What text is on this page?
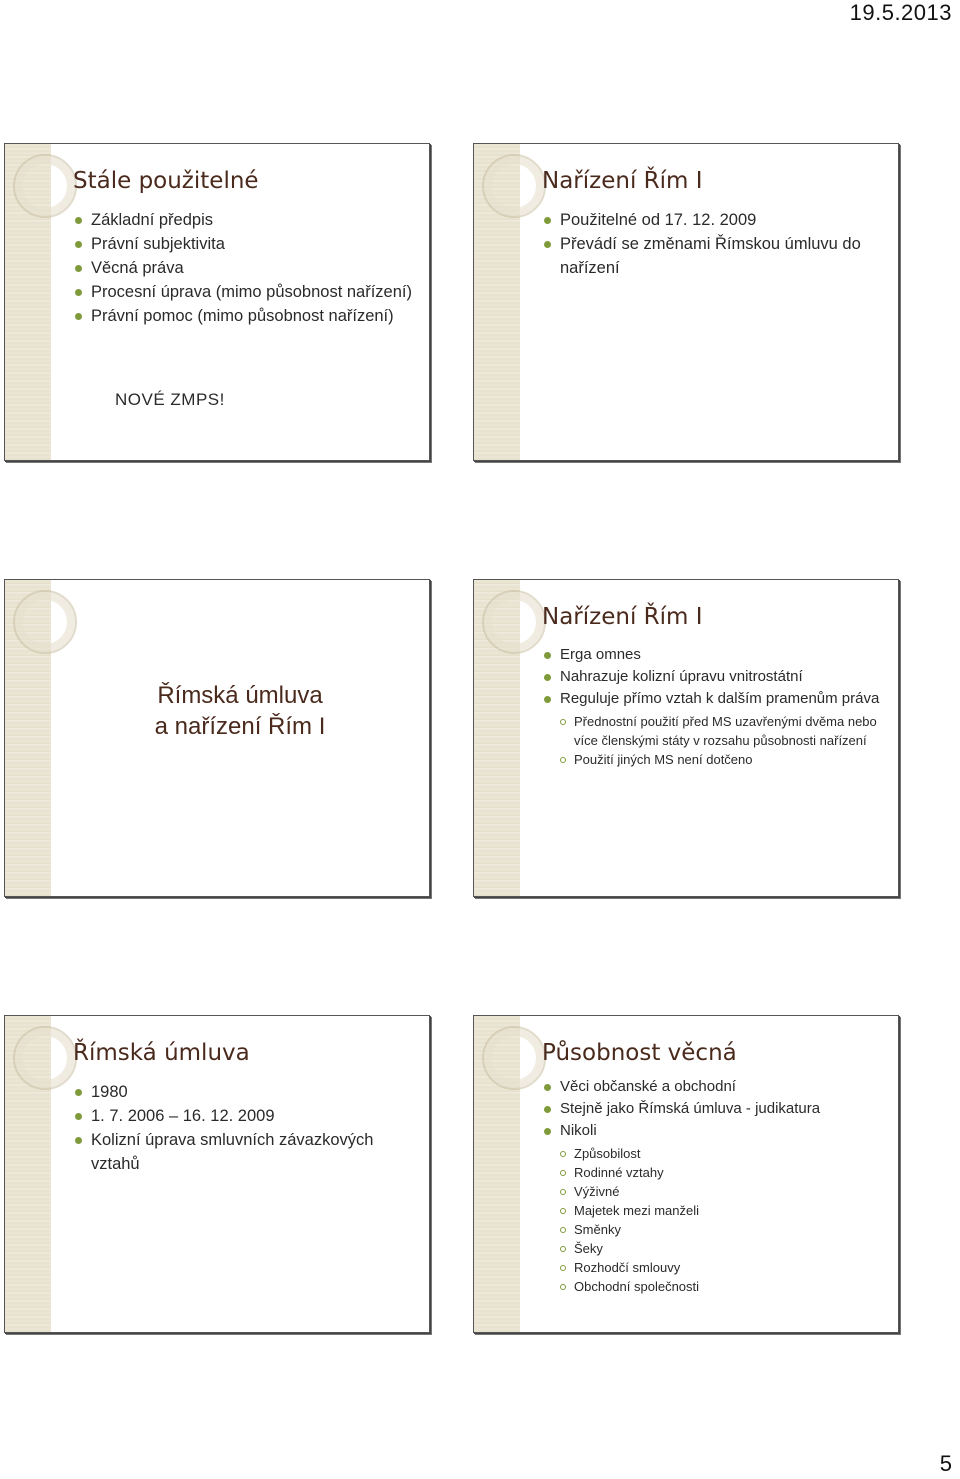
19.5.2013
Stále použitelné
Základní předpis
Právní subjektivita
Věcná práva
Procesní úprava (mimo působnost nařízení)
Právní pomoc (mimo působnost nařízení)
NOVÉ ZMPS!
Nařízení Řím I
Použitelné od 17. 12. 2009
Převádí se změnami Římskou úmluvu do nařízení
Římská úmluva
a nařízení Řím I
Nařízení Řím I
Erga omnes
Nahrazuje kolizní úpravu vnitrostátní
Reguluje přímo vztah k dalším pramenům práva
Přednostní použití před MS uzavřenými dvěma nebo více členskými státy v rozsahu působnosti nařízení
Použití jiných MS není dotčeno
Římská úmluva
1980
1. 7. 2006 – 16. 12. 2009
Kolizní úprava smluvních závazkových vztahů
Působnost věcná
Věci občanské a obchodní
Stejně jako Římská úmluva - judikatura
Nikoli
Způsobilost
Rodinné vztahy
Výživné
Majetek mezi manželi
Směnky
Šeky
Rozhodčí smlouvy
Obchodní společnosti
5
